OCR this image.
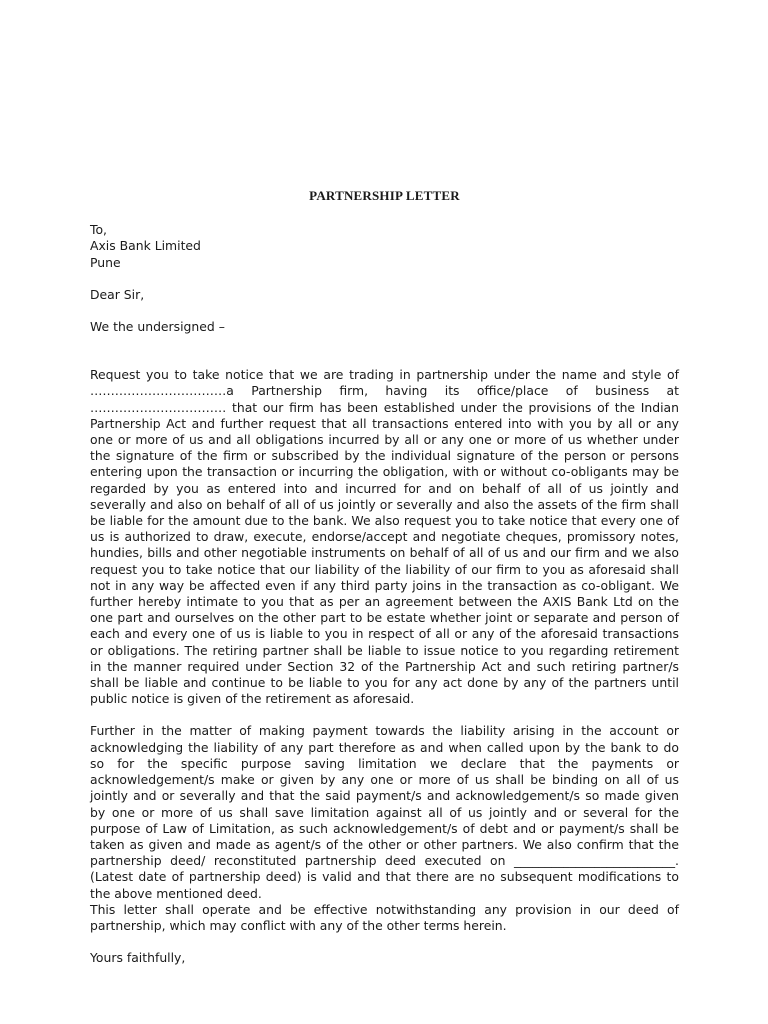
PARTNERSHIP LETTER
To,
Axis Bank Limited
Pune
Dear Sir,
We the undersigned –

Request you to take notice that we are trading in partnership under the name and style of ……………………………a Partnership firm, having its office/place of business at …………………………… that our firm has been established under the provisions of the Indian Partnership Act and further request that all transactions entered into with you by all or any one or more of us and all obligations incurred by all or any one or more of us whether under the signature of the firm or subscribed by the individual signature of the person or persons entering upon the transaction or incurring the obligation, with or without co-obligants may be regarded by you as entered into and incurred for and on behalf of all of us jointly and severally and also on behalf of all of us jointly or severally and also the assets of the firm shall be liable for the amount due to the bank. We also request you to take notice that every one of us is authorized to draw, execute, endorse/accept and negotiate cheques, promissory notes, hundies, bills and other negotiable instruments on behalf of all of us and our firm and we also request you to take notice that our liability of the liability of our firm to you as aforesaid shall not in any way be affected even if any third party joins in the transaction as co-obligant. We further hereby intimate to you that as per an agreement between the AXIS Bank Ltd on the one part and ourselves on the other part to be estate whether joint or separate and person of each and every one of us is liable to you in respect of all or any of the aforesaid transactions or obligations. The retiring partner shall be liable to issue notice to you regarding retirement in the manner required under Section 32 of the Partnership Act and such retiring partner/s shall be liable and continue to be liable to you for any act done by any of the partners until public notice is given of the retirement as aforesaid.

Further in the matter of making payment towards the liability arising in the account or acknowledging the liability of any part therefore as and when called upon by the bank to do so for the specific purpose saving limitation we declare that the payments or acknowledgement/s make or given by any one or more of us shall be binding on all of us jointly and or severally and that the said payment/s and acknowledgement/s so made given by one or more of us shall save limitation against all of us jointly and or several for the purpose of Law of Limitation, as such acknowledgement/s of debt and or payment/s shall be taken as given and made as agent/s of the other or other partners. We also confirm that the partnership deed/ reconstituted partnership deed executed on __________________________.(Latest date of partnership deed) is valid and that there are no subsequent modifications to the above mentioned deed.

This letter shall operate and be effective notwithstanding any provision in our deed of partnership, which may conflict with any of the other terms herein.

Yours faithfully,
